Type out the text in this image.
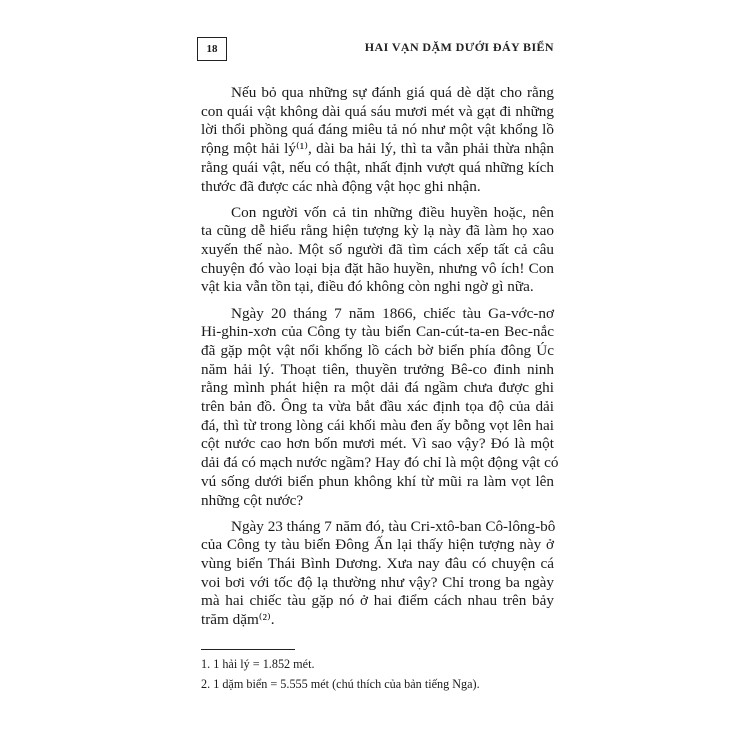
18	HAI VẠN DẶM DƯỚI ĐÁY BIỂN
Nếu bỏ qua những sự đánh giá quá dè dặt cho rằng
con quái vật không dài quá sáu mươi mét và gạt đi những
lời thổi phồng quá đáng miêu tả nó như một vật khổng lồ
rộng một hải lý⁽¹⁾, dài ba hải lý, thì ta vẫn phải thừa nhận
rằng quái vật, nếu có thật, nhất định vượt quá những kích
thước đã được các nhà động vật học ghi nhận.
Con người vốn cả tin những điều huyền hoặc, nên
ta cũng dễ hiểu rằng hiện tượng kỳ lạ này đã làm họ xao
xuyến thế nào. Một số người đã tìm cách xếp tất cả câu
chuyện đó vào loại bịa đặt hão huyền, nhưng vô ích! Con
vật kia vẫn tồn tại, điều đó không còn nghi ngờ gì nữa.
Ngày 20 tháng 7 năm 1866, chiếc tàu Ga-vớc-nơ
Hi-ghin-xơn của Công ty tàu biển Can-cút-ta-en Bec-nắc
đã gặp một vật nổi khổng lồ cách bờ biển phía đông Úc
năm hải lý. Thoạt tiên, thuyền trưởng Bê-co đinh ninh
rằng mình phát hiện ra một dải đá ngầm chưa được ghi
trên bản đồ. Ông ta vừa bắt đầu xác định tọa độ của dải
đá, thì từ trong lòng cái khối màu đen ấy bỗng vọt lên hai
cột nước cao hơn bốn mươi mét. Vì sao vậy? Đó là một
dải đá có mạch nước ngầm? Hay đó chỉ là một động vật có
vú sống dưới biển phun không khí từ mũi ra làm vọt lên
những cột nước?
Ngày 23 tháng 7 năm đó, tàu Cri-xtô-ban Cô-lông-bô
của Công ty tàu biển Đông Ấn lại thấy hiện tượng này ở
vùng biển Thái Bình Dương. Xưa nay đâu có chuyện cá
voi bơi với tốc độ lạ thường như vậy? Chỉ trong ba ngày
mà hai chiếc tàu gặp nó ở hai điểm cách nhau trên bảy
trăm dặm⁽²⁾.
1. 1 hải lý = 1.852 mét.
2. 1 dặm biển = 5.555 mét (chú thích của bản tiếng Nga).
